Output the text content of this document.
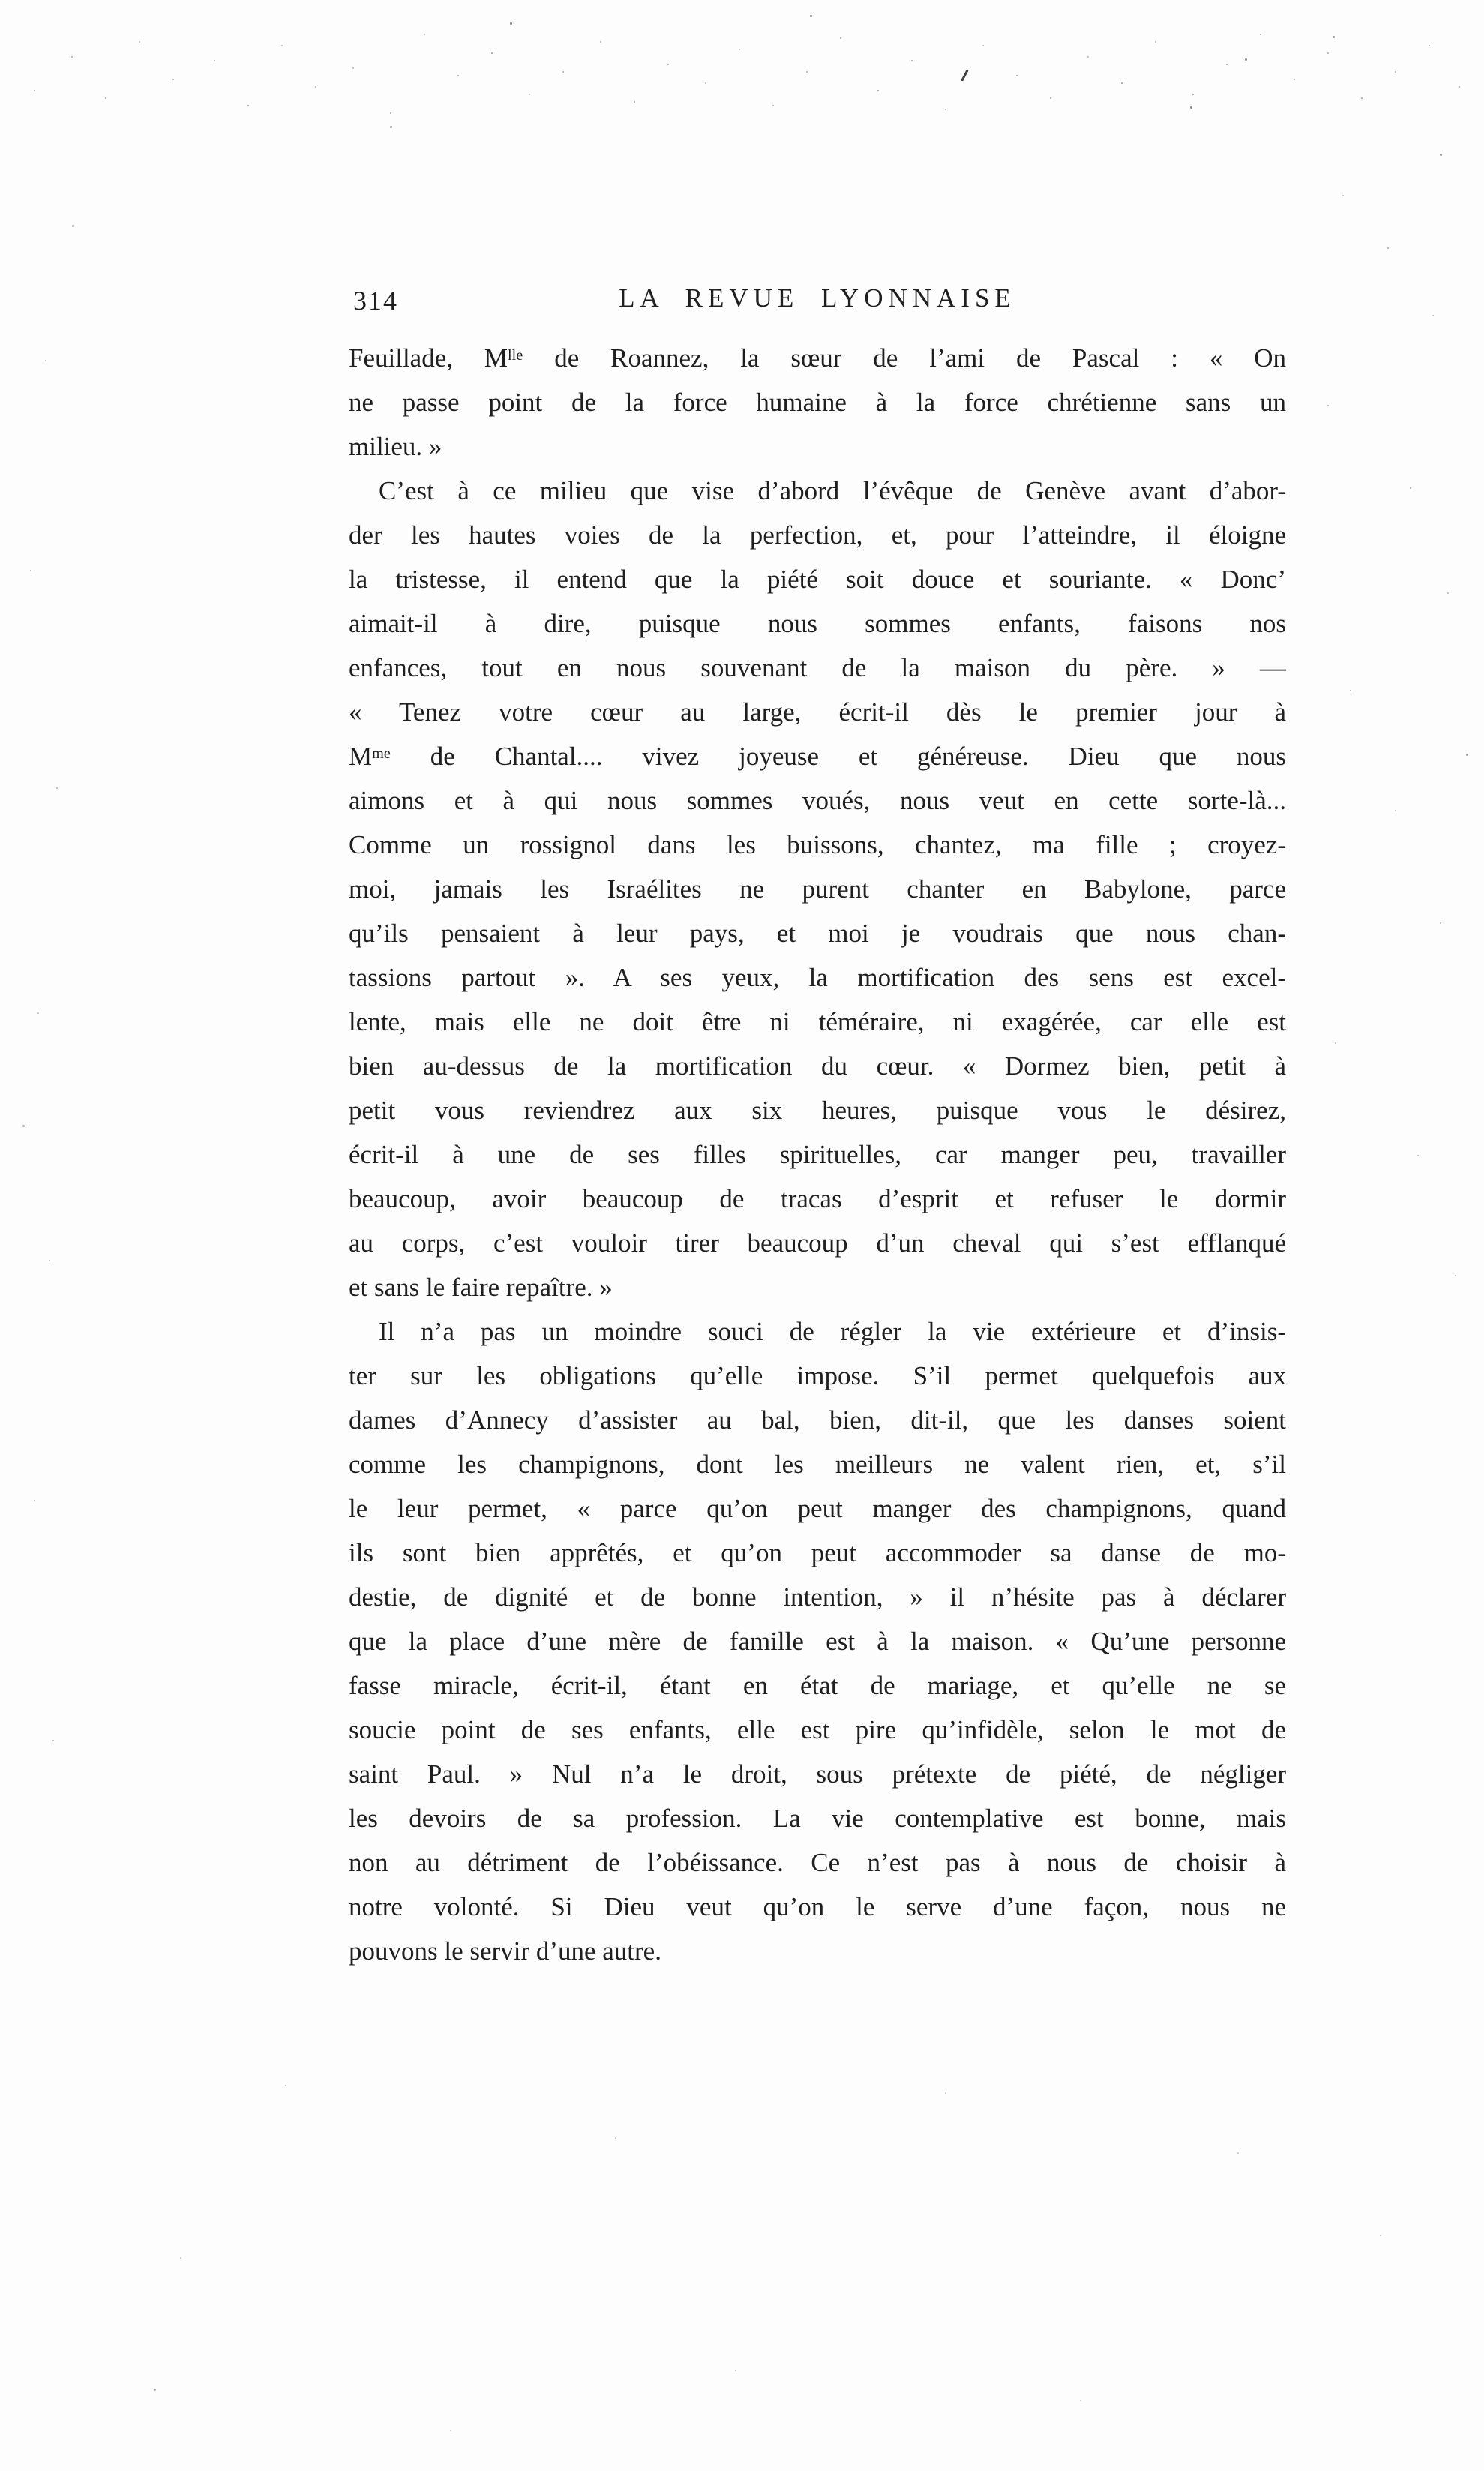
314	LA REVUE LYONNAISE
Feuillade, $M^{lle}$ de Roannez, la sœur de l’ami de Pascal : « On
ne passe point de la force humaine à la force chrétienne sans un
milieu. »
C’est à ce milieu que vise d’abord l’évêque de Genève avant d’abor-
der les hautes voies de la perfection, et, pour l’atteindre, il éloigne
la tristesse, il entend que la piété soit douce et souriante. « Donc’
aimait-il à dire, puisque nous sommes enfants, faisons nos
enfances, tout en nous souvenant de la maison du père. » —
« Tenez votre cœur au large, écrit-il dès le premier jour à
$M^{me}$ de Chantal.... vivez joyeuse et généreuse. Dieu que nous
aimons et à qui nous sommes voués, nous veut en cette sorte-là...
Comme un rossignol dans les buissons, chantez, ma fille ; croyez-
moi, jamais les Israélites ne purent chanter en Babylone, parce
qu’ils pensaient à leur pays, et moi je voudrais que nous chan-
tassions partout ». A ses yeux, la mortification des sens est excel-
lente, mais elle ne doit être ni téméraire, ni exagérée, car elle est
bien au-dessus de la mortification du cœur. « Dormez bien, petit à
petit vous reviendrez aux six heures, puisque vous le désirez,
écrit-il à une de ses filles spirituelles, car manger peu, travailler
beaucoup, avoir beaucoup de tracas d’esprit et refuser le dormir
au corps, c’est vouloir tirer beaucoup d’un cheval qui s’est efflanqué
et sans le faire repaître. »
Il n’a pas un moindre souci de régler la vie extérieure et d’insis-
ter sur les obligations qu’elle impose. S’il permet quelquefois aux
dames d’Annecy d’assister au bal, bien, dit-il, que les danses soient
comme les champignons, dont les meilleurs ne valent rien, et, s’il
le leur permet, « parce qu’on peut manger des champignons, quand
ils sont bien apprêtés, et qu’on peut accommoder sa danse de mo-
destie, de dignité et de bonne intention, » il n’hésite pas à déclarer
que la place d’une mère de famille est à la maison. « Qu’une personne
fasse miracle, écrit-il, étant en état de mariage, et qu’elle ne se
soucie point de ses enfants, elle est pire qu’infidèle, selon le mot de
saint Paul. » Nul n’a le droit, sous prétexte de piété, de négliger
les devoirs de sa profession. La vie contemplative est bonne, mais
non au détriment de l’obéissance. Ce n’est pas à nous de choisir à
notre volonté. Si Dieu veut qu’on le serve d’une façon, nous ne
pouvons le servir d’une autre.
